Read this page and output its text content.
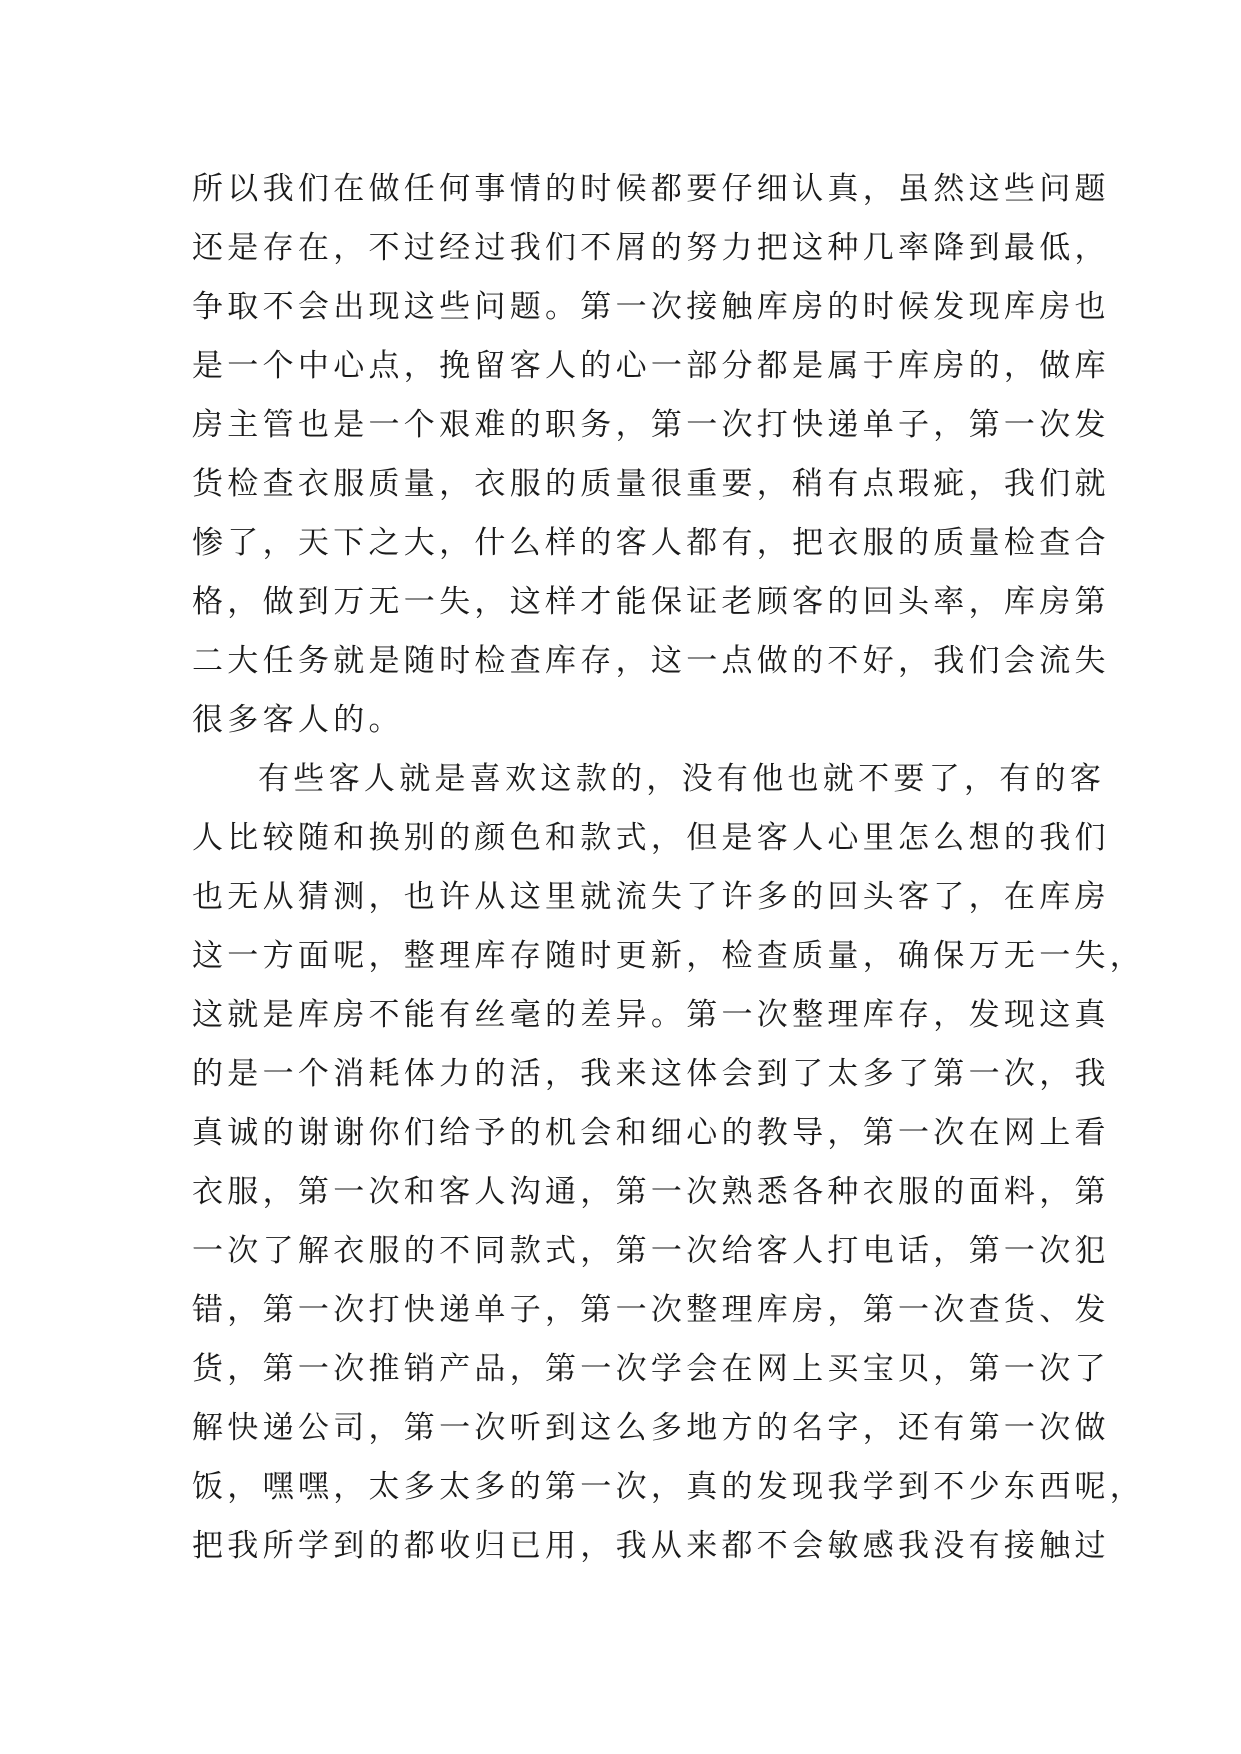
所以我们在做任何事情的时候都要仔细认真，虽然这些问题
还是存在，不过经过我们不屑的努力把这种几率降到最低，
争取不会出现这些问题。第一次接触库房的时候发现库房也
是一个中心点，挽留客人的心一部分都是属于库房的，做库
房主管也是一个艰难的职务，第一次打快递单子，第一次发
货检查衣服质量，衣服的质量很重要，稍有点瑕疵，我们就
惨了，天下之大，什么样的客人都有，把衣服的质量检查合
格，做到万无一失，这样才能保证老顾客的回头率，库房第
二大任务就是随时检查库存，这一点做的不好，我们会流失
很多客人的。
有些客人就是喜欢这款的，没有他也就不要了，有的客
人比较随和换别的颜色和款式，但是客人心里怎么想的我们
也无从猜测，也许从这里就流失了许多的回头客了，在库房
这一方面呢，整理库存随时更新，检查质量，确保万无一失，
这就是库房不能有丝毫的差异。第一次整理库存，发现这真
的是一个消耗体力的活，我来这体会到了太多了第一次，我
真诚的谢谢你们给予的机会和细心的教导，第一次在网上看
衣服，第一次和客人沟通，第一次熟悉各种衣服的面料，第
一次了解衣服的不同款式，第一次给客人打电话，第一次犯
错，第一次打快递单子，第一次整理库房，第一次查货、发
货，第一次推销产品，第一次学会在网上买宝贝，第一次了
解快递公司，第一次听到这么多地方的名字，还有第一次做
饭，嘿嘿，太多太多的第一次，真的发现我学到不少东西呢，
把我所学到的都收归已用，我从来都不会敏感我没有接触过
